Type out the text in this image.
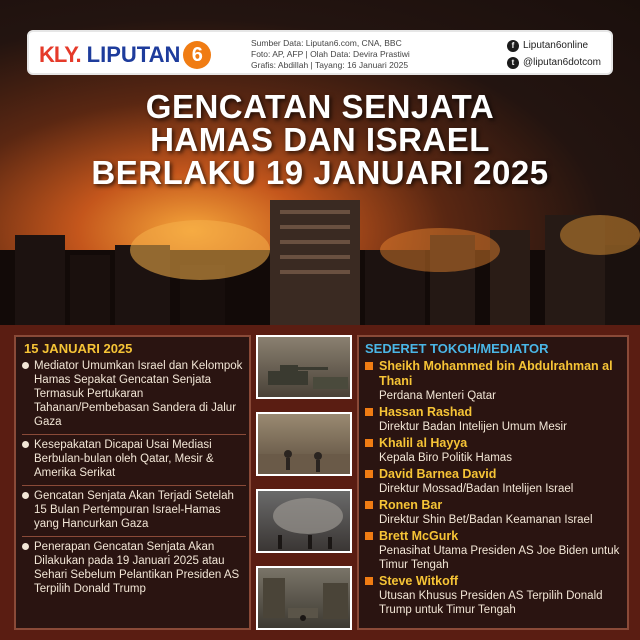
KLY. LIPUTAN 6
Sumber Data: Liputan6.com, CNA, BBC
Foto: AP, AFP | Olah Data: Devira Prastiwi
Grafis: Abdillah | Tayang: 16 Januari 2025
f Liputan6online
t @liputan6dotcom
GENCATAN SENJATA
HAMAS DAN ISRAEL
BERLAKU 19 JANUARI 2025
15 JANUARI 2025
Mediator Umumkan Israel dan Kelompok Hamas Sepakat Gencatan Senjata Termasuk Pertukaran Tahanan/Pembebasan Sandera di Jalur Gaza
Kesepakatan Dicapai Usai Mediasi Berbulan-bulan oleh Qatar, Mesir & Amerika Serikat
Gencatan Senjata Akan Terjadi Setelah 15 Bulan Pertempuran Israel-Hamas yang Hancurkan Gaza
Penerapan Gencatan Senjata Akan Dilakukan pada 19 Januari 2025 atau Sehari Sebelum Pelantikan Presiden AS Terpilih Donald Trump
SEDERET TOKOH/MEDIATOR
Sheikh Mohammed bin Abdulrahman al Thani
Perdana Menteri Qatar
Hassan Rashad
Direktur Badan Intelijen Umum Mesir
Khalil al Hayya
Kepala Biro Politik Hamas
David Barnea David
Direktur Mossad/Badan Intelijen Israel
Ronen Bar
Direktur Shin Bet/Badan Keamanan Israel
Brett McGurk
Penasihat Utama Presiden AS Joe Biden untuk Timur Tengah
Steve Witkoff
Utusan Khusus Presiden AS Terpilih Donald Trump untuk Timur Tengah
